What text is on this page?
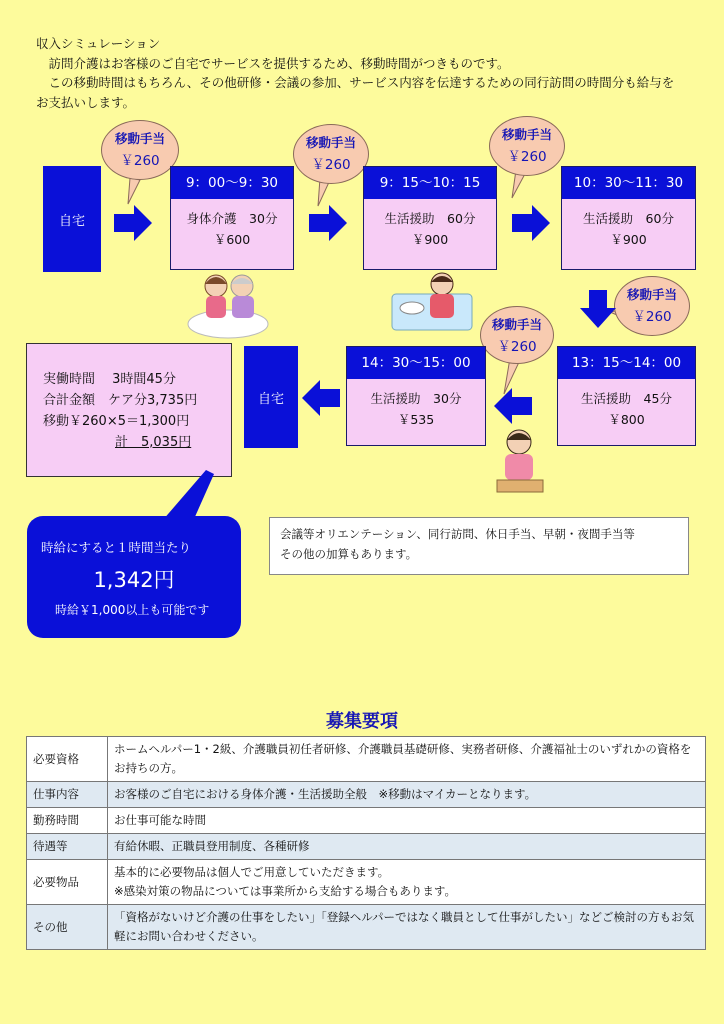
収入シミュレーション
　訪問介護はお客様のご自宅でサービスを提供するため、移動時間がつきものです。
　この移動時間はもちろん、その他研修・会議の参加、サービス内容を伝達するための同行訪問の時間分も給与を
お支払いします。
自宅
移動手当
￥260
移動手当
￥260
移動手当
￥260
移動手当
￥260
移動手当
￥260
9：00〜9：30
身体介護　30分
￥600
9：15〜10：15
生活援助　60分
￥900
10：30〜11：30
生活援助　60分
￥900
13：15〜14：00
生活援助　45分
￥800
14：30〜15：00
生活援助　30分
￥535
自宅
実働時間　 3時間45分
合計金額　ケア分3,735円
移動￥260×5＝1,300円
計　5,035円
時給にすると１時間当たり
1,342円
時給￥1,000以上も可能です
会議等オリエンテーション、同行訪問、休日手当、早朝・夜間手当等
その他の加算もあります。
募集要項
必要資格	ホームヘルパー1・2級、介護職員初任者研修、介護職員基礎研修、実務者研修、介護福祉士のいずれかの資格をお持ちの方。
仕事内容	お客様のご自宅における身体介護・生活援助全般　※移動はマイカーとなります。
勤務時間	お仕事可能な時間
待遇等	有給休暇、正職員登用制度、各種研修
必要物品	基本的に必要物品は個人でご用意していただきます。
※感染対策の物品については事業所から支給する場合もあります。

その他	「資格がないけど介護の仕事をしたい」「登録ヘルパーではなく職員として仕事がしたい」などご検討の方もお気軽にお問い合わせください。
